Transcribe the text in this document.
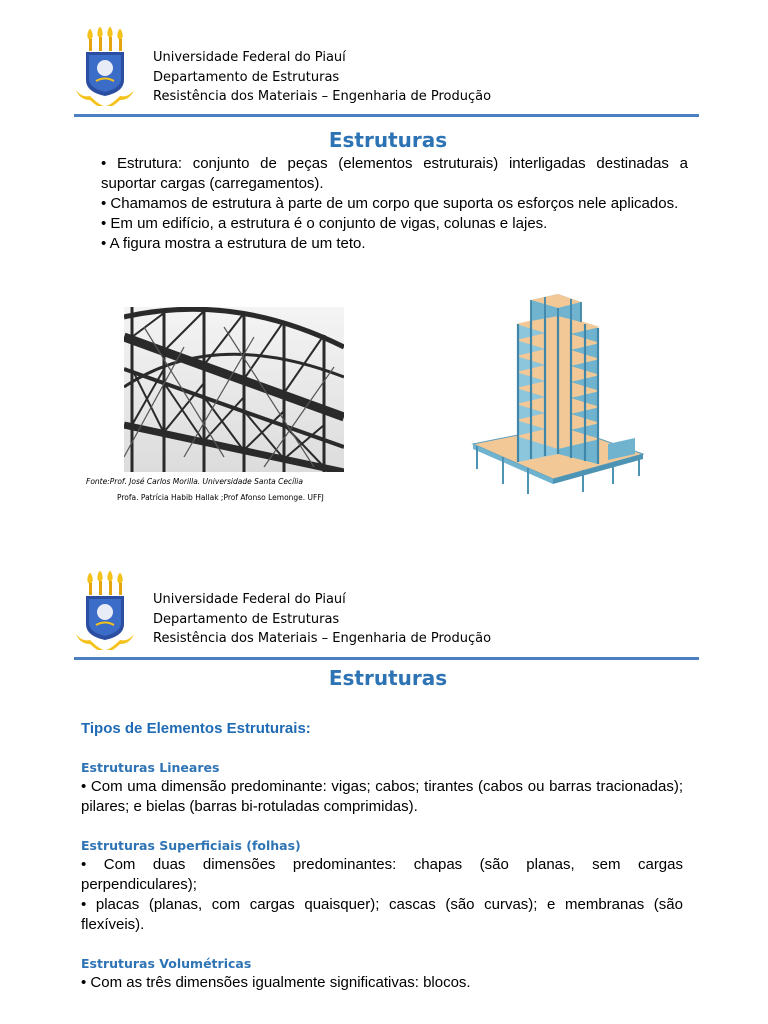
Universidade Federal do Piauí
Departamento de Estruturas
Resistência dos Materiais – Engenharia de Produção
Estruturas

• Estrutura: conjunto de peças (elementos estruturais) interligadas destinadas a suportar cargas (carregamentos).

• Chamamos de estrutura à parte de um corpo que suporta os esforços nele aplicados.

• Em um edifício, a estrutura é o conjunto de vigas, colunas e lajes.

• A figura mostra a estrutura de um teto.

Fonte:Prof. José Carlos Morilla. Universidade Santa Cecília
Profa. Patrícia Habib Hallak ;Prof Afonso Lemonge. UFFJ
Universidade Federal do Piauí
Departamento de Estruturas
Resistência dos Materiais – Engenharia de Produção
Estruturas
Tipos de Elementos Estruturais:

Estruturas Lineares

• Com uma dimensão predominante: vigas; cabos; tirantes (cabos ou barras tracionadas); pilares; e bielas (barras bi-rotuladas comprimidas).

Estruturas Superficiais (folhas)

• Com duas dimensões predominantes: chapas (são planas, sem cargas perpendiculares);

• placas (planas, com cargas quaisquer); cascas (são curvas); e membranas (são flexíveis).

Estruturas Volumétricas

• Com as três dimensões igualmente significativas: blocos.
